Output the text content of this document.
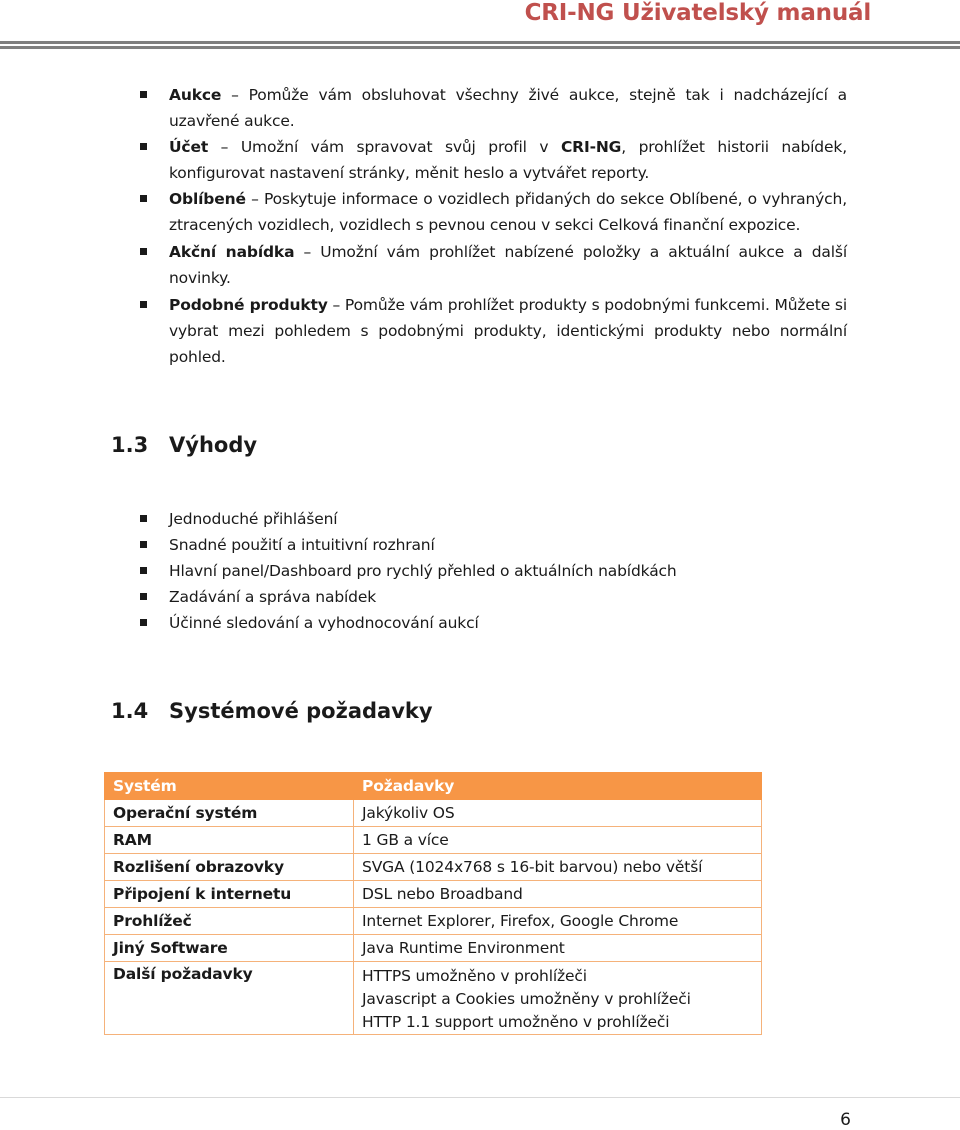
CRI-NG Uživatelský manuál
Aukce – Pomůže vám obsluhovat všechny živé aukce, stejně tak i nadcházející a uzavřené aukce.
Účet – Umožní vám spravovat svůj profil v CRI-NG, prohlížet historii nabídek, konfigurovat nastavení stránky, měnit heslo a vytvářet reporty.
Oblíbené – Poskytuje informace o vozidlech přidaných do sekce Oblíbené, o vyhraných, ztracených vozidlech, vozidlech s pevnou cenou v sekci Celková finanční expozice.
Akční nabídka – Umožní vám prohlížet nabízené položky a aktuální aukce a další novinky.
Podobné produkty – Pomůže vám prohlížet produkty s podobnými funkcemi. Můžete si vybrat mezi pohledem s podobnými produkty, identickými produkty nebo normální pohled.
1.3 Výhody
Jednoduché přihlášení
Snadné použití a intuitivní rozhraní
Hlavní panel/Dashboard pro rychlý přehled o aktuálních nabídkách
Zadávání a správa nabídek
Účinné sledování a vyhodnocování aukcí
1.4 Systémové požadavky
Systém	Požadavky
Operační systém	Jakýkoliv OS
RAM	1 GB a více
Rozlišení obrazovky	SVGA (1024x768 s 16-bit barvou) nebo větší
Připojení k internetu	DSL nebo Broadband
Prohlížeč	Internet Explorer, Firefox, Google Chrome
Jiný Software	Java Runtime Environment
Další požadavky	HTTPS umožněno v prohlížeči
Javascript a Cookies umožněny v prohlížeči
HTTP 1.1 support umožněno v prohlížeči
6
